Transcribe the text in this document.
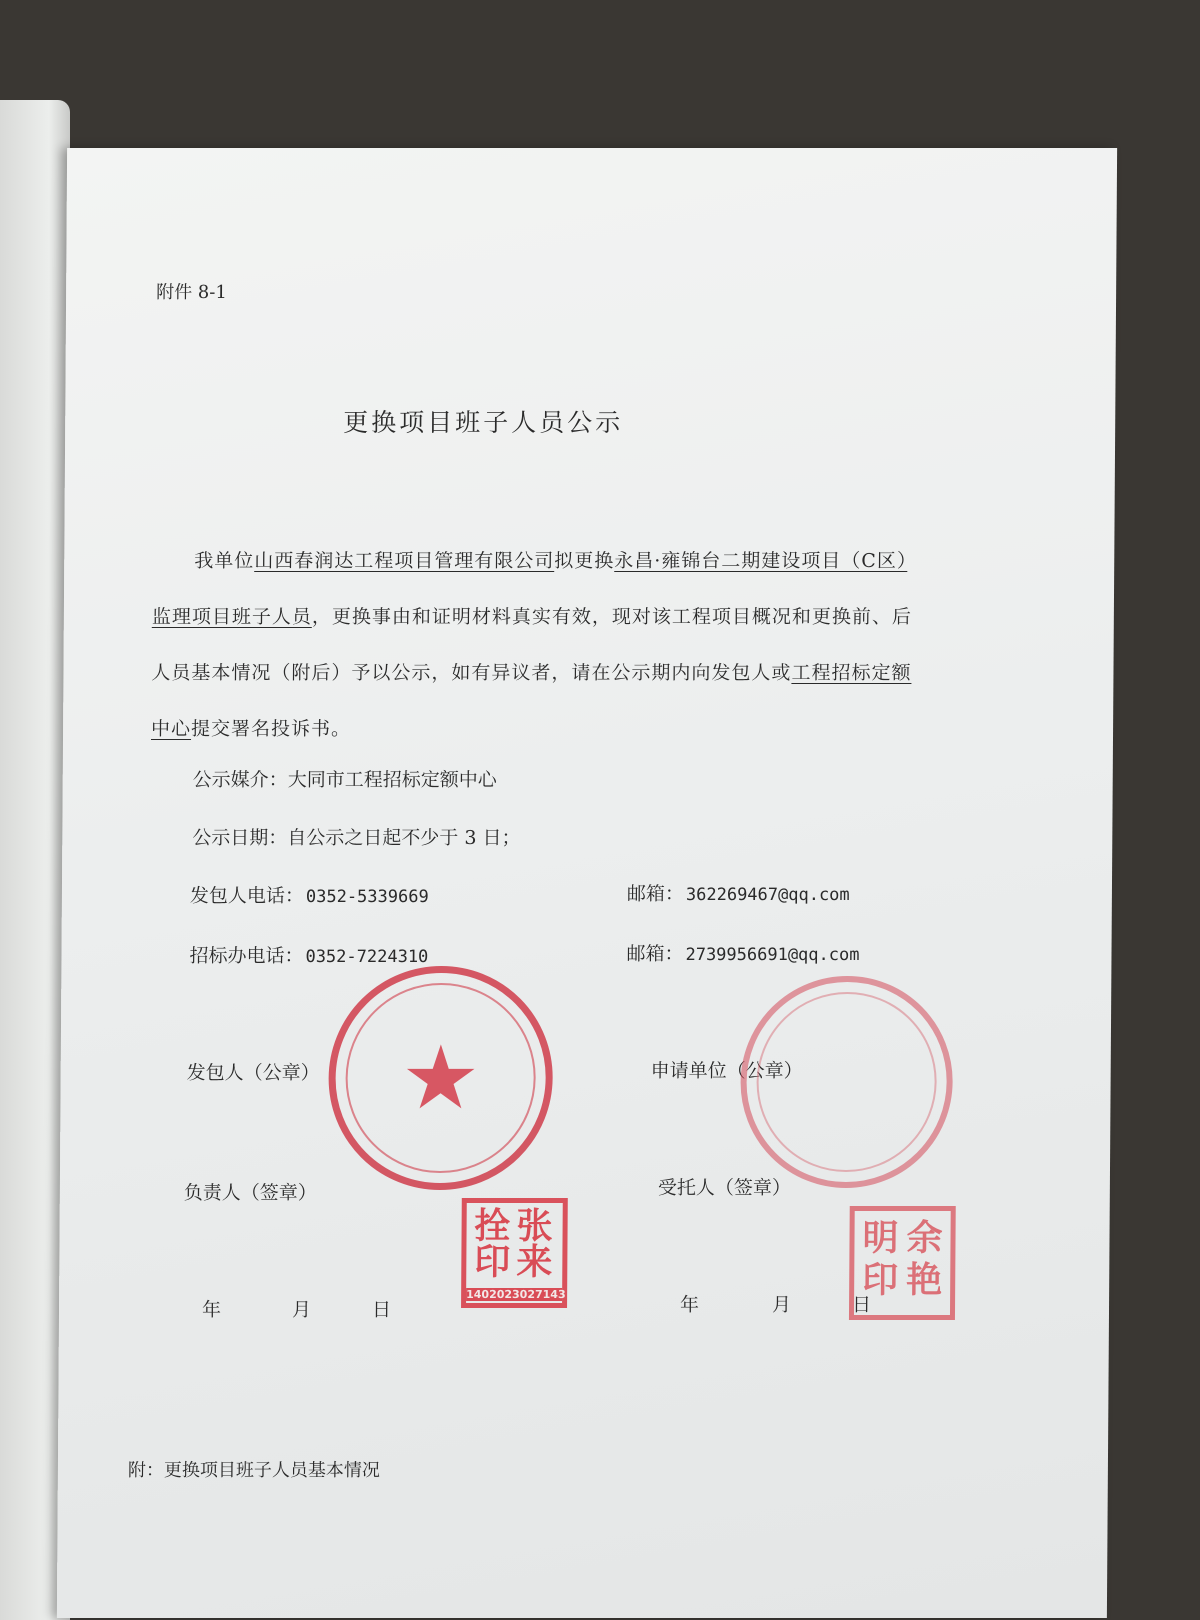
附件 8-1
更换项目班子人员公示
我单位山西春润达工程项目管理有限公司拟更换永昌·雍锦台二期建设项目（C区）监理项目班子人员，更换事由和证明材料真实有效，现对该工程项目概况和更换前、后人员基本情况（附后）予以公示，如有异议者，请在公示期内向发包人或工程招标定额中心提交署名投诉书。
公示媒介：大同市工程招标定额中心
公示日期：自公示之日起不少于 3 日；
发包人电话： 0352-5339669	邮箱： 362269467@qq.com
招标办电话： 0352-7224310	邮箱： 2739956691@qq.com
发包人（公章）	申请单位（公章）
负责人（签章）	受托人（签章）
年	月	日	年	月	日
★
张
来
拴
印
1402023027143
余
艳
明
印
附：更换项目班子人员基本情况
